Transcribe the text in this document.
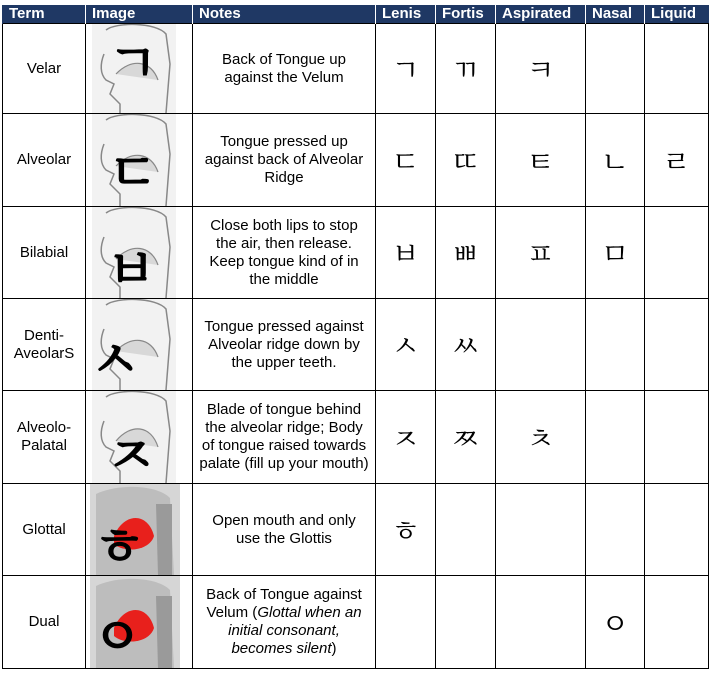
Term	Image	Notes	Lenis	Fortis	Aspirated	Nasal	Liquid
Velar	ㄱ	Back of Tongue up against the Velum	ㄱ	ㄲ	ㅋ		
Alveolar	ㄷ	Tongue pressed up against back of Alveolar Ridge	ㄷ	ㄸ	ㅌ	ㄴ	ㄹ
Bilabial	ㅂ	Close both lips to stop the air, then release. Keep tongue kind of in the middle	ㅂ	ㅃ	ㅍ	ㅁ	

Denti-
AveolarS	ㅅ	Tongue pressed against Alveolar ridge down by the upper teeth.	ㅅ	ㅆ			

Alveolo-
Palatal	ㅈ	Blade of tongue behind the alveolar ridge; Body of tongue raised towards palate (fill up your mouth)	ㅈ	ㅉ	ㅊ		
Glottal	ㅎ	Open mouth and only use the Glottis	ㅎ				
Dual	ㅇ	Back of Tongue against Velum (Glottal when an initial consonant, becomes silent)				ㅇ	
